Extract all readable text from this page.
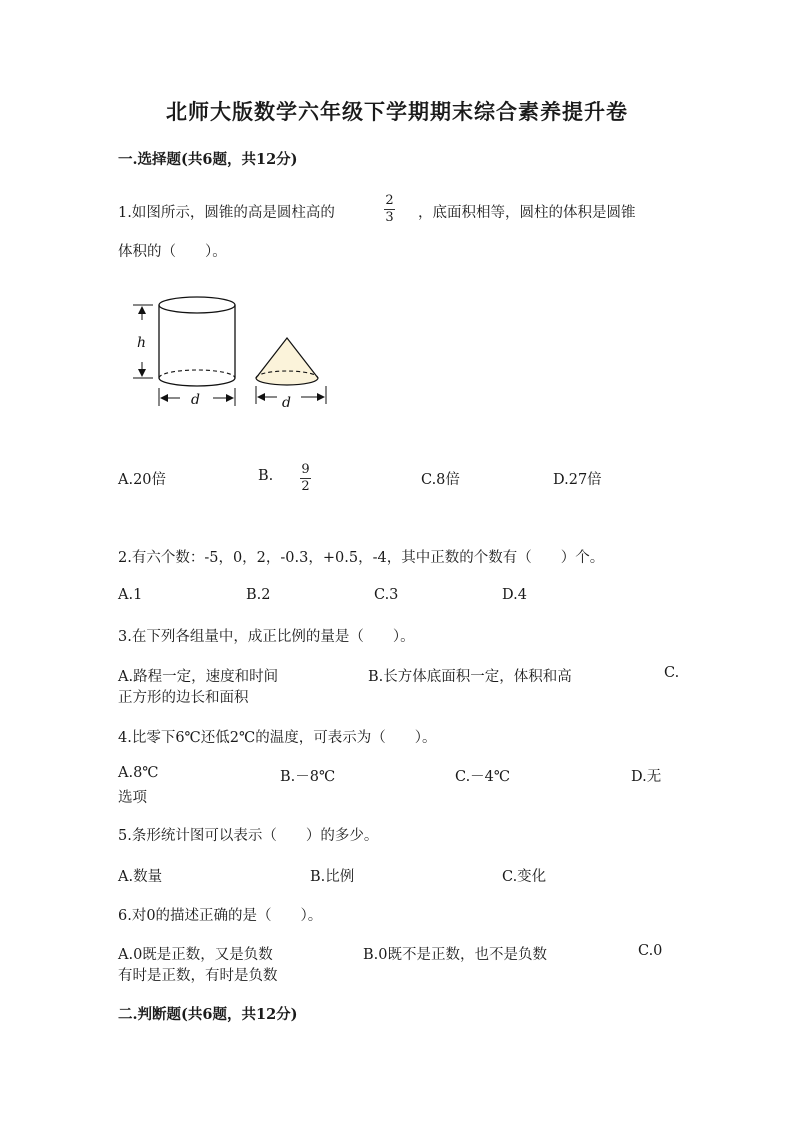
北师大版数学六年级下学期期末综合素养提升卷
一.选择题(共6题，共12分)
1.如图所示，圆锥的高是圆柱高的
2
3 ，底面积相等，圆柱的体积是圆锥
体积的（　　）。
h
d	d
A.20倍	B. 9
2	C.8倍	D.27倍
2.有六个数：-5，0，2，-0.3，+0.5，-4，其中正数的个数有（　　）个。
A.1	B.2	C.3	D.4
3.在下列各组量中，成正比例的量是（　　）。
A.路程一定，速度和时间	B.长方体底面积一定，体积和高	C.
正方形的边长和面积
4.比零下6℃还低2℃的温度，可表示为（　　）。
A.8℃	B.－8℃	C.－4℃	D.无
选项
5.条形统计图可以表示（　　）的多少。
A.数量	B.比例	C.变化
6.对0的描述正确的是（　　）。
A.0既是正数，又是负数	B.0既不是正数，也不是负数	C.0
有时是正数，有时是负数
二.判断题(共6题，共12分)
